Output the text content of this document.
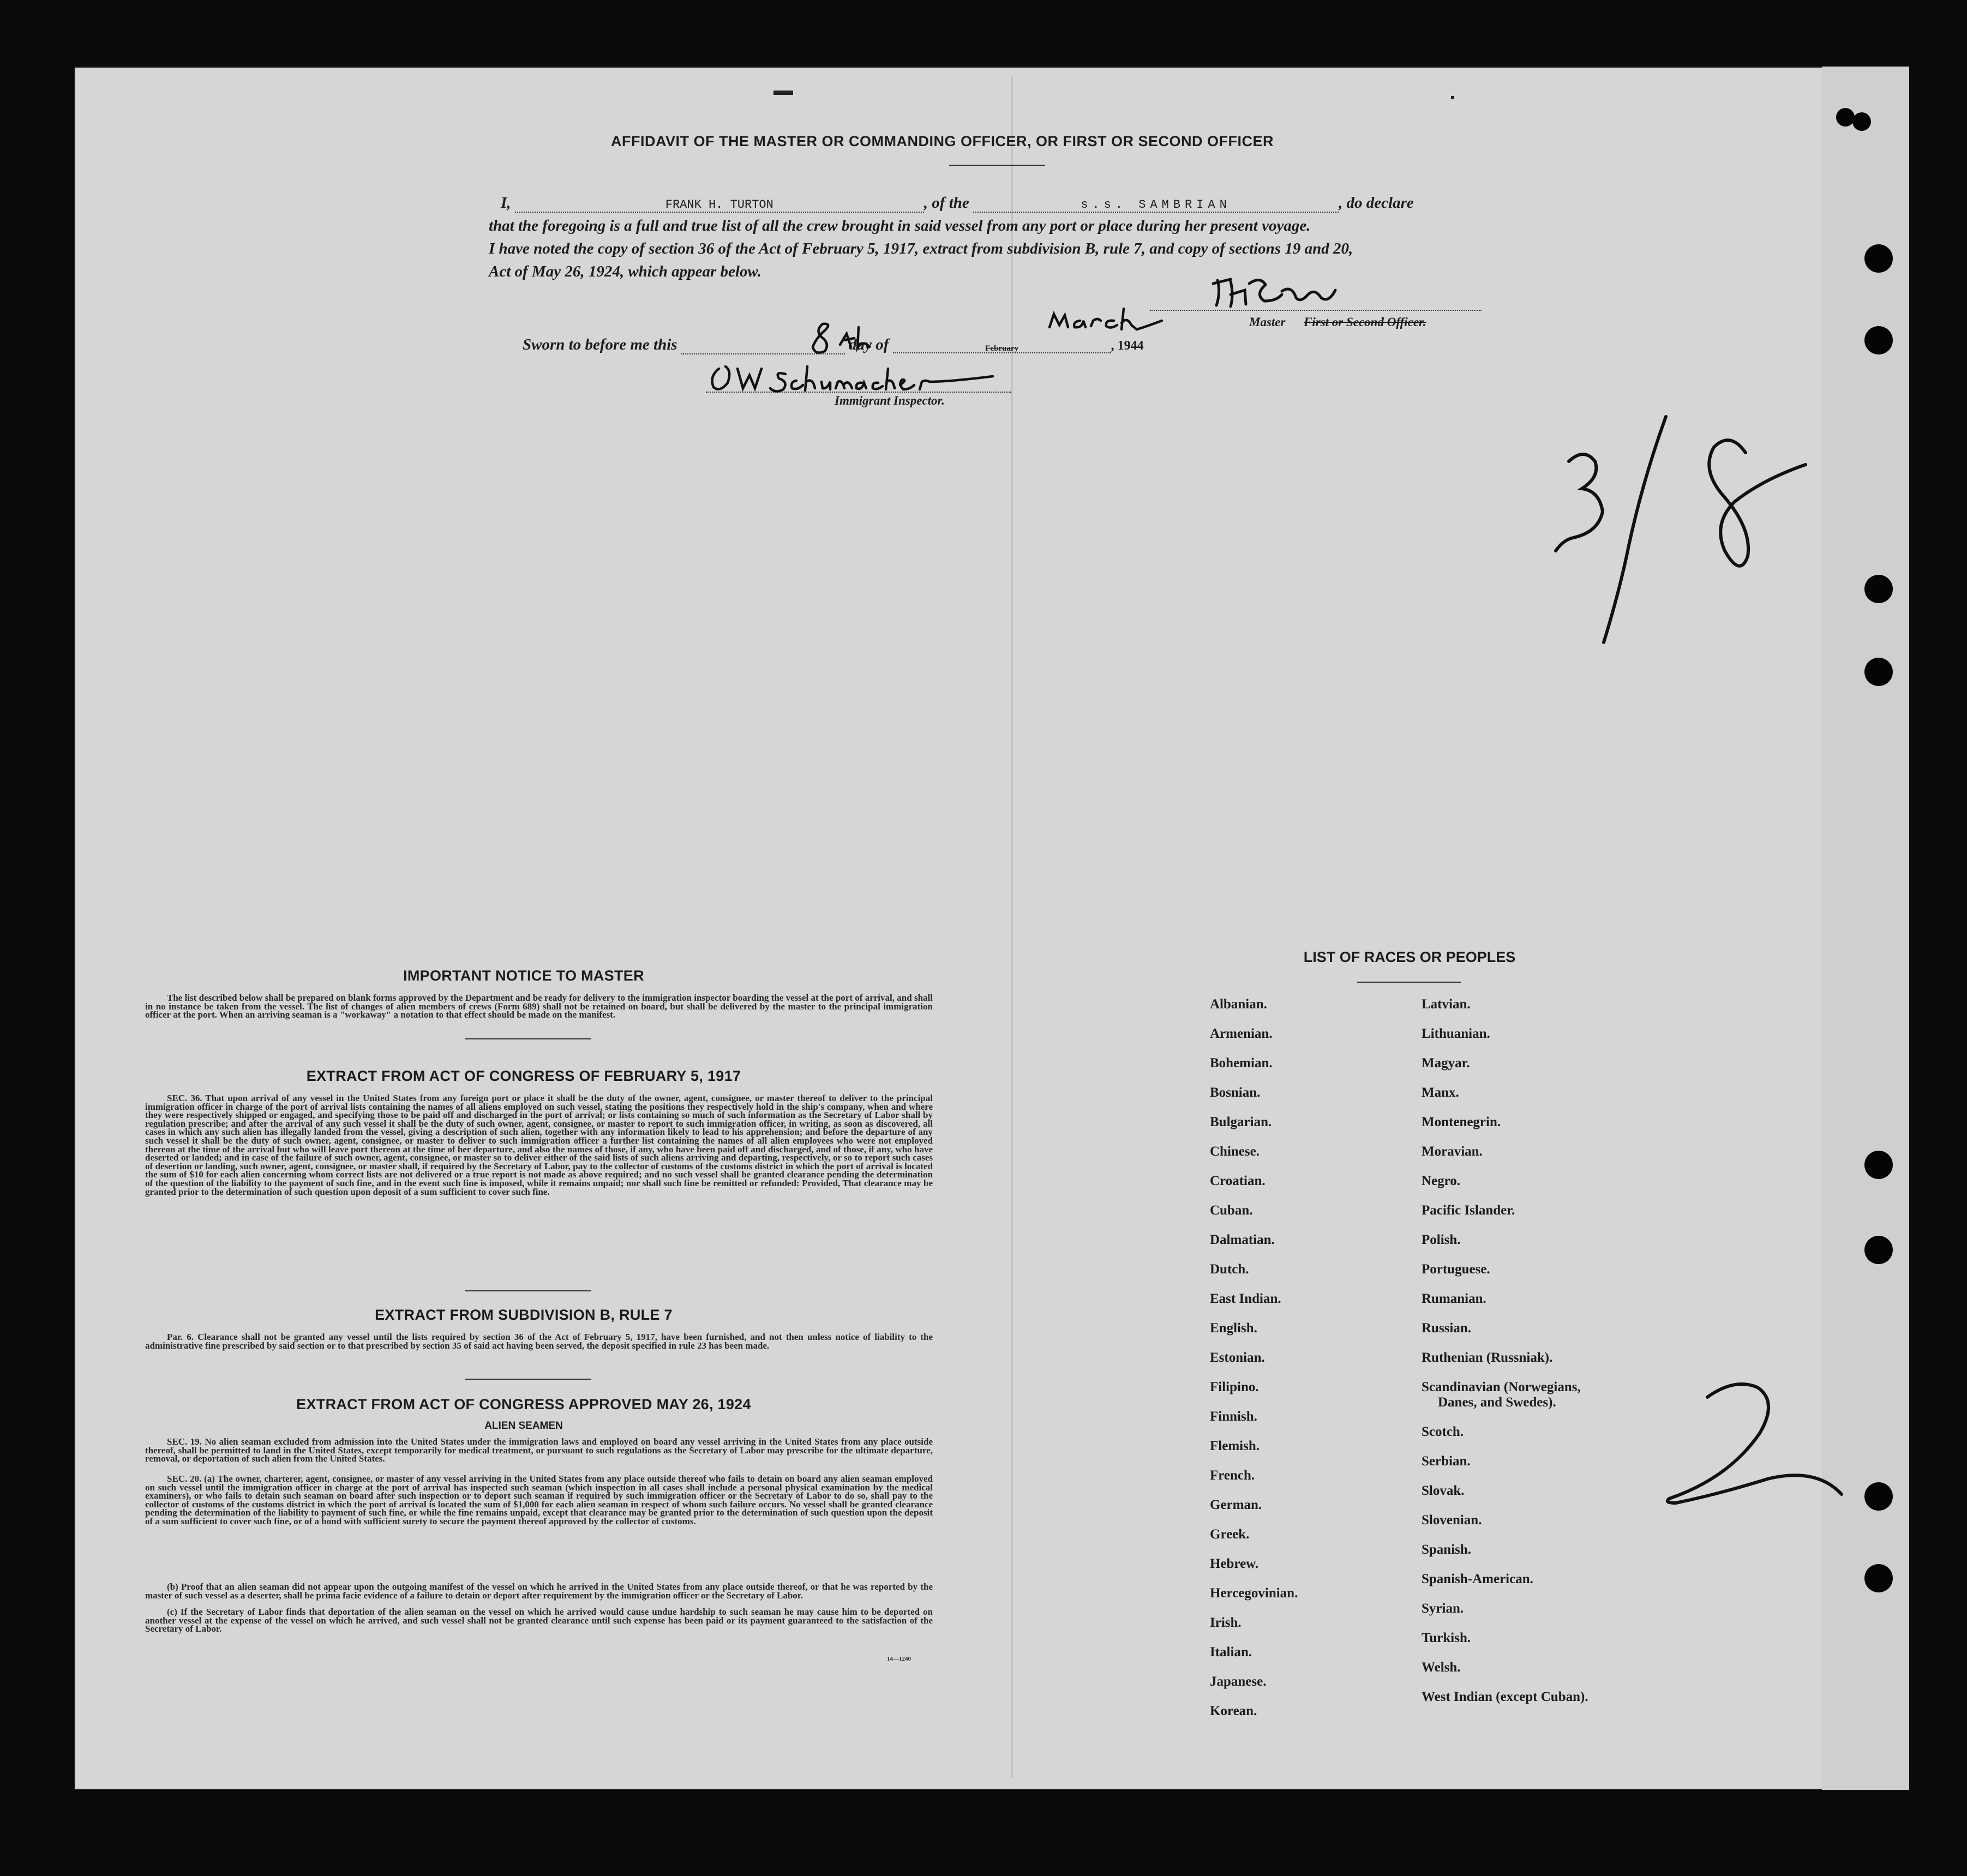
AFFIDAVIT OF THE MASTER OR COMMANDING OFFICER, OR FIRST OR SECOND OFFICER
I,	FRANK H. TURTON	, of the	s.s. SAMBRIAN	, do declare
that the foregoing is a full and true list of all the crew brought in said vessel from any port or place during her present voyage.
I have noted the copy of section 36 of the Act of February 5, 1917, extract from subdivision B, rule 7, and copy of sections 19 and 20,
Act of May 26, 1924, which appear below.
Master First or Second Officer.
Sworn to before me this	day of	February	, 1944
Immigrant Inspector.
IMPORTANT NOTICE TO MASTER
The list described below shall be prepared on blank forms approved by the Department and be ready for delivery to the immigration inspector boarding the vessel at the port of arrival, and shall in no instance be taken from the vessel. The list of changes of alien members of crews (Form 689) shall not be retained on board, but shall be delivered by the master to the principal immigration officer at the port. When an arriving seaman is a "workaway" a notation to that effect should be made on the manifest.
EXTRACT FROM ACT OF CONGRESS OF FEBRUARY 5, 1917
SEC. 36. That upon arrival of any vessel in the United States from any foreign port or place it shall be the duty of the owner, agent, consignee, or master thereof to deliver to the principal immigration officer in charge of the port of arrival lists containing the names of all aliens employed on such vessel, stating the positions they respectively hold in the ship's company, when and where they were respectively shipped or engaged, and specifying those to be paid off and discharged in the port of arrival; or lists containing so much of such information as the Secretary of Labor shall by regulation prescribe; and after the arrival of any such vessel it shall be the duty of such owner, agent, consignee, or master to report to such immigration officer, in writing, as soon as discovered, all cases in which any such alien has illegally landed from the vessel, giving a description of such alien, together with any information likely to lead to his apprehension; and before the departure of any such vessel it shall be the duty of such owner, agent, consignee, or master to deliver to such immigration officer a further list containing the names of all alien employees who were not employed thereon at the time of the arrival but who will leave port thereon at the time of her departure, and also the names of those, if any, who have been paid off and discharged, and of those, if any, who have deserted or landed; and in case of the failure of such owner, agent, consignee, or master so to deliver either of the said lists of such aliens arriving and departing, respectively, or so to report such cases of desertion or landing, such owner, agent, consignee, or master shall, if required by the Secretary of Labor, pay to the collector of customs of the customs district in which the port of arrival is located the sum of $10 for each alien concerning whom correct lists are not delivered or a true report is not made as above required; and no such vessel shall be granted clearance pending the determination of the question of the liability to the payment of such fine, and in the event such fine is imposed, while it remains unpaid; nor shall such fine be remitted or refunded: Provided, That clearance may be granted prior to the determination of such question upon deposit of a sum sufficient to cover such fine.
EXTRACT FROM SUBDIVISION B, RULE 7
Par. 6. Clearance shall not be granted any vessel until the lists required by section 36 of the Act of February 5, 1917, have been furnished, and not then unless notice of liability to the administrative fine prescribed by said section or to that prescribed by section 35 of said act having been served, the deposit specified in rule 23 has been made.
EXTRACT FROM ACT OF CONGRESS APPROVED MAY 26, 1924
ALIEN SEAMEN
SEC. 19. No alien seaman excluded from admission into the United States under the immigration laws and employed on board any vessel arriving in the United States from any place outside thereof, shall be permitted to land in the United States, except temporarily for medical treatment, or pursuant to such regulations as the Secretary of Labor may prescribe for the ultimate departure, removal, or deportation of such alien from the United States.
SEC. 20. (a) The owner, charterer, agent, consignee, or master of any vessel arriving in the United States from any place outside thereof who fails to detain on board any alien seaman employed on such vessel until the immigration officer in charge at the port of arrival has inspected such seaman (which inspection in all cases shall include a personal physical examination by the medical examiners), or who fails to detain such seaman on board after such inspection or to deport such seaman if required by such immigration officer or the Secretary of Labor to do so, shall pay to the collector of customs of the customs district in which the port of arrival is located the sum of $1,000 for each alien seaman in respect of whom such failure occurs. No vessel shall be granted clearance pending the determination of the liability to payment of such fine, or while the fine remains unpaid, except that clearance may be granted prior to the determination of such question upon the deposit of a sum sufficient to cover such fine, or of a bond with sufficient surety to secure the payment thereof approved by the collector of customs.
(b) Proof that an alien seaman did not appear upon the outgoing manifest of the vessel on which he arrived in the United States from any place outside thereof, or that he was reported by the master of such vessel as a deserter, shall be prima facie evidence of a failure to detain or deport after requirement by the immigration officer or the Secretary of Labor.
(c) If the Secretary of Labor finds that deportation of the alien seaman on the vessel on which he arrived would cause undue hardship to such seaman he may cause him to be deported on another vessel at the expense of the vessel on which he arrived, and such vessel shall not be granted clearance until such expense has been paid or its payment guaranteed to the satisfaction of the Secretary of Labor.
14—1240
LIST OF RACES OR PEOPLES
Albanian.
Armenian.
Bohemian.
Bosnian.
Bulgarian.
Chinese.
Croatian.
Cuban.
Dalmatian.
Dutch.
East Indian.
English.
Estonian.
Filipino.
Finnish.
Flemish.
French.
German.
Greek.
Hebrew.
Hercegovinian.
Irish.
Italian.
Japanese.
Korean.
Latvian.
Lithuanian.
Magyar.
Manx.
Montenegrin.
Moravian.
Negro.
Pacific Islander.
Polish.
Portuguese.
Rumanian.
Russian.
Ruthenian (Russniak).
Scandinavian (Norwegians,
Danes, and Swedes).
Scotch.
Serbian.
Slovak.
Slovenian.
Spanish.
Spanish-American.
Syrian.
Turkish.
Welsh.
West Indian (except Cuban).
